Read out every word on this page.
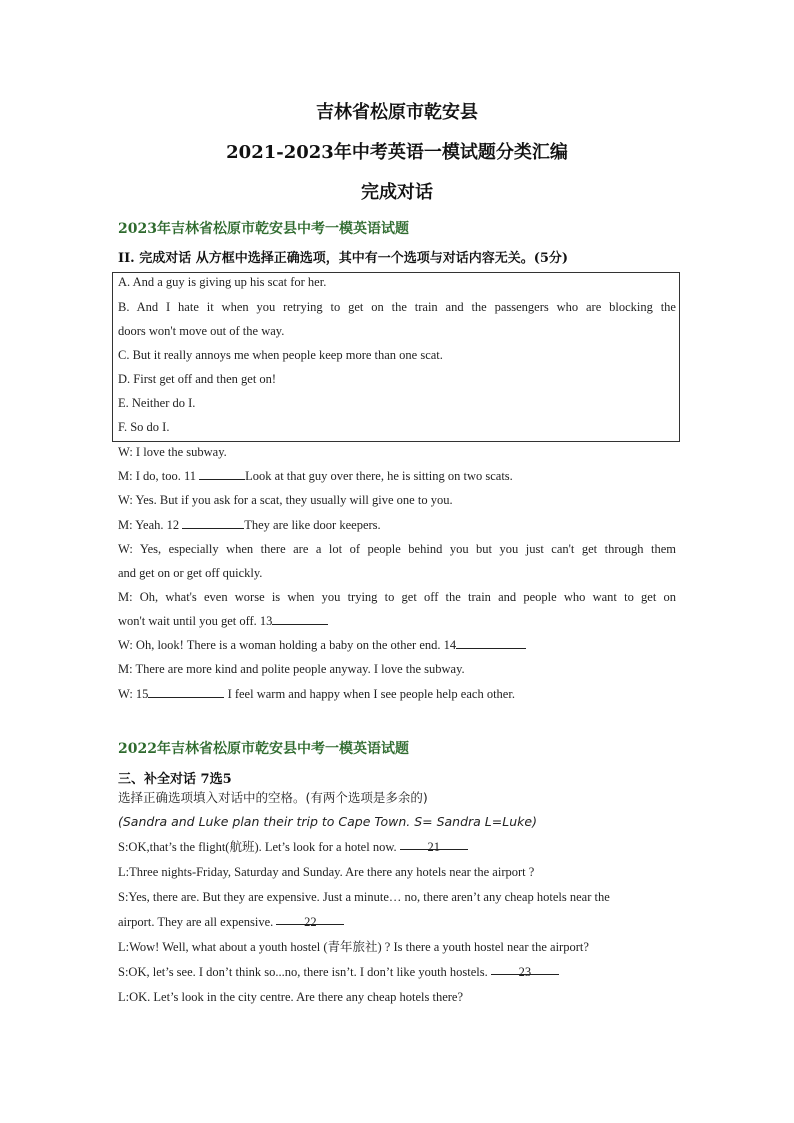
吉林省松原市乾安县
2021-2023年中考英语一模试题分类汇编
完成对话
2023年吉林省松原市乾安县中考一模英语试题
II. 完成对话 从方框中选择正确选项，其中有一个选项与对话内容无关。(5分)
A. And a guy is giving up his scat for her.
B. And I hate it when you retrying to get on the train and the passengers who are blocking the
doors won't move out of the way.
C. But it really annoys me when people keep more than one scat.
D. First get off and then get on!
E. Neither do I.
F. So do I.
W: I love the subway.
M: I do, too. 11	Look at that guy over there, he is sitting on two scats.
W: Yes. But if you ask for a scat, they usually will give one to you.
M: Yeah. 12	They are like door keepers.
W: Yes, especially when there are a lot of people behind you but you just can't get through them
and get on or get off quickly.
M: Oh, what's even worse is when you trying to get off the train and people who want to get on
won't wait until you get off. 13
W: Oh, look! There is a woman holding a baby on the other end. 14
M: There are more kind and polite people anyway. I love the subway.
W: 15	I feel warm and happy when I see people help each other.
2022年吉林省松原市乾安县中考一模英语试题
三、补全对话 7选5
选择正确选项填入对话中的空格。(有两个选项是多余的)
(Sandra and Luke plan their trip to Cape Town. S= Sandra L=Luke)
S:OK,that’s the flight(航班). Let’s look for a hotel now. 21
L:Three nights-Friday, Saturday and Sunday. Are there any hotels near the airport ?
S:Yes, there are. But they are expensive. Just a minute… no, there aren’t any cheap hotels near the
airport. They are all expensive. 22
L:Wow! Well, what about a youth hostel (青年旅社) ? Is there a youth hostel near the airport?
S:OK, let’s see. I don’t think so...no, there isn’t. I don’t like youth hostels. 23
L:OK. Let’s look in the city centre. Are there any cheap hotels there?
